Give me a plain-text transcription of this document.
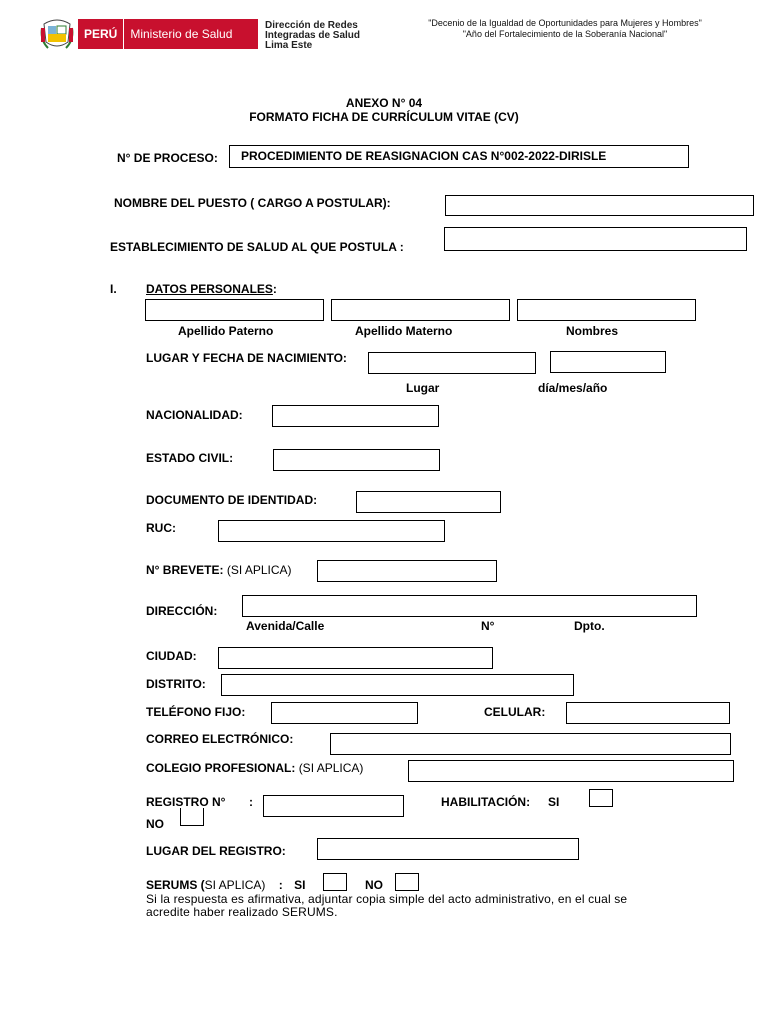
PERÚ	Ministerio de Salud
Dirección de Redes
Integradas de Salud
Lima Este
"Decenio de la Igualdad de Oportunidades para Mujeres y Hombres"
"Año del Fortalecimiento de la Soberanía Nacional"
ANEXO N° 04
FORMATO FICHA DE CURRÍCULUM VITAE (CV)
N° DE PROCESO:	PROCEDIMIENTO DE REASIGNACION CAS N°002-2022-DIRISLE
NOMBRE DEL PUESTO ( CARGO A POSTULAR):
ESTABLECIMIENTO DE SALUD AL QUE POSTULA :
I. DATOS PERSONALES:
Apellido Paterno	Apellido Materno	Nombres
LUGAR Y FECHA DE NACIMIENTO:
Lugar	día/mes/año
NACIONALIDAD:
ESTADO CIVIL:
DOCUMENTO DE IDENTIDAD:
RUC:
N° BREVETE: (SI APLICA)
DIRECCIÓN:
Avenida/Calle	N°	Dpto.
CIUDAD:
DISTRITO:
TELÉFONO FIJO:	CELULAR:
CORREO ELECTRÓNICO:
COLEGIO PROFESIONAL: (SI APLICA)
REGISTRO N° :	HABILITACIÓN: SI
NO
LUGAR DEL REGISTRO:
SERUMS (SI APLICA) : SI	NO
Si la respuesta es afirmativa, adjuntar copia simple del acto administrativo, en el cual se
acredite haber realizado SERUMS.
